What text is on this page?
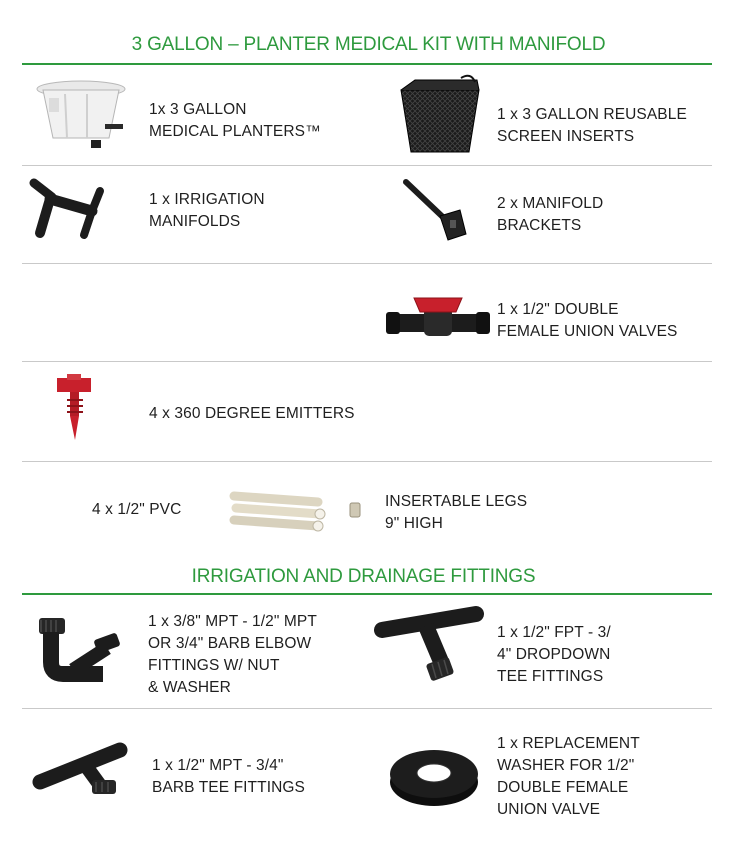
3 GALLON – PLANTER MEDICAL KIT WITH MANIFOLD
IRRIGATION AND DRAINAGE FITTINGS
1x 3 GALLON
MEDICAL PLANTERS™
1 x 3 GALLON REUSABLE
SCREEN INSERTS
1 x IRRIGATION
MANIFOLDS
2 x MANIFOLD
BRACKETS
1 x 1/2" DOUBLE
FEMALE UNION VALVES
4 x 360 DEGREE EMITTERS
4 x 1/2" PVC	INSERTABLE LEGS
9" HIGH
1 x 3/8" MPT - 1/2" MPT
OR 3/4" BARB ELBOW
FITTINGS W/ NUT
& WASHER
1 x 1/2" FPT - 3/
4" DROPDOWN
TEE FITTINGS
1 x 1/2" MPT - 3/4"
BARB TEE FITTINGS
1 x REPLACEMENT
WASHER FOR 1/2"
DOUBLE FEMALE
UNION VALVE
